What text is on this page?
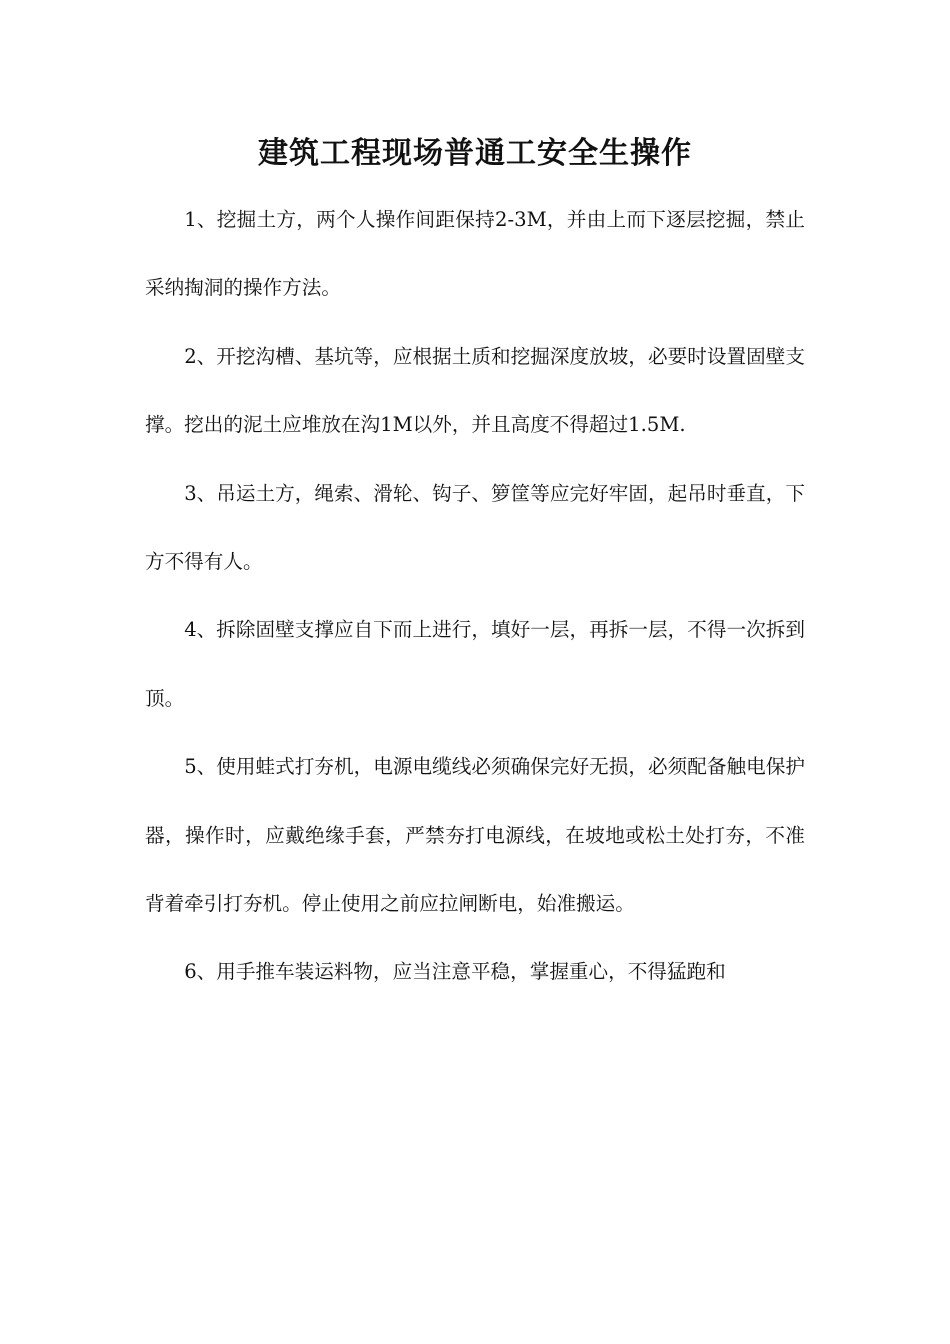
建筑工程现场普通工安全生操作

1、挖掘土方，两个人操作间距保持2-3M，并由上而下逐层挖掘，禁止采纳掏洞的操作方法。

2、开挖沟槽、基坑等，应根据土质和挖掘深度放坡，必要时设置固壁支撑。挖出的泥土应堆放在沟1M以外，并且高度不得超过1.5M.

3、吊运土方，绳索、滑轮、钩子、箩筐等应完好牢固，起吊时垂直，下方不得有人。

4、拆除固壁支撑应自下而上进行，填好一层，再拆一层，不得一次拆到顶。

5、使用蛙式打夯机，电源电缆线必须确保完好无损，必须配备触电保护器，操作时，应戴绝缘手套，严禁夯打电源线，在坡地或松土处打夯，不准背着牵引打夯机。停止使用之前应拉闸断电，始准搬运。

6、用手推车装运料物，应当注意平稳，掌握重心，不得猛跑和
